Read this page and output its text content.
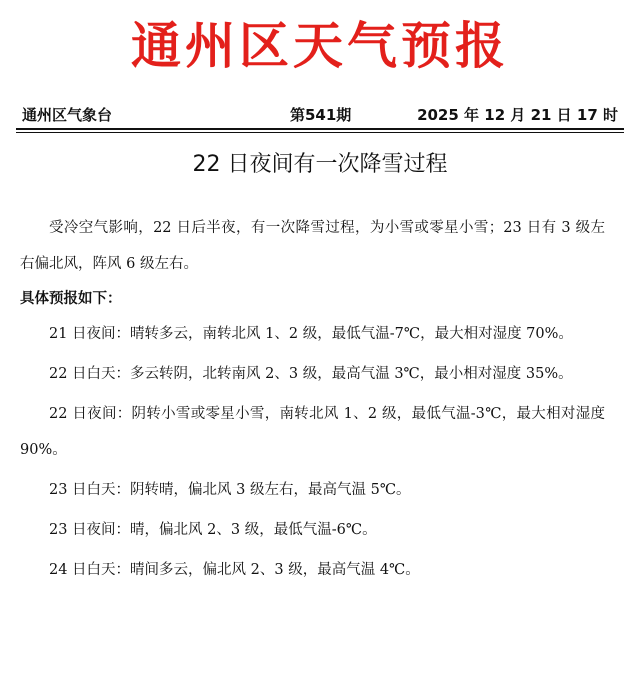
通州区天气预报
通州区气象台	第541期	2025 年 12 月 21 日 17 时
22 日夜间有一次降雪过程

受冷空气影响，22 日后半夜，有一次降雪过程，为小雪或零星小雪；23 日有 3 级左右偏北风，阵风 6 级左右。

具体预报如下：

21 日夜间：晴转多云，南转北风 1、2 级，最低气温-7℃，最大相对湿度 70%。

22 日白天：多云转阴，北转南风 2、3 级，最高气温 3℃，最小相对湿度 35%。

22 日夜间：阴转小雪或零星小雪，南转北风 1、2 级，最低气温-3℃，最大相对湿度 90%。

23 日白天：阴转晴，偏北风 3 级左右，最高气温 5℃。

23 日夜间：晴，偏北风 2、3 级，最低气温-6℃。

24 日白天：晴间多云，偏北风 2、3 级，最高气温 4℃。
